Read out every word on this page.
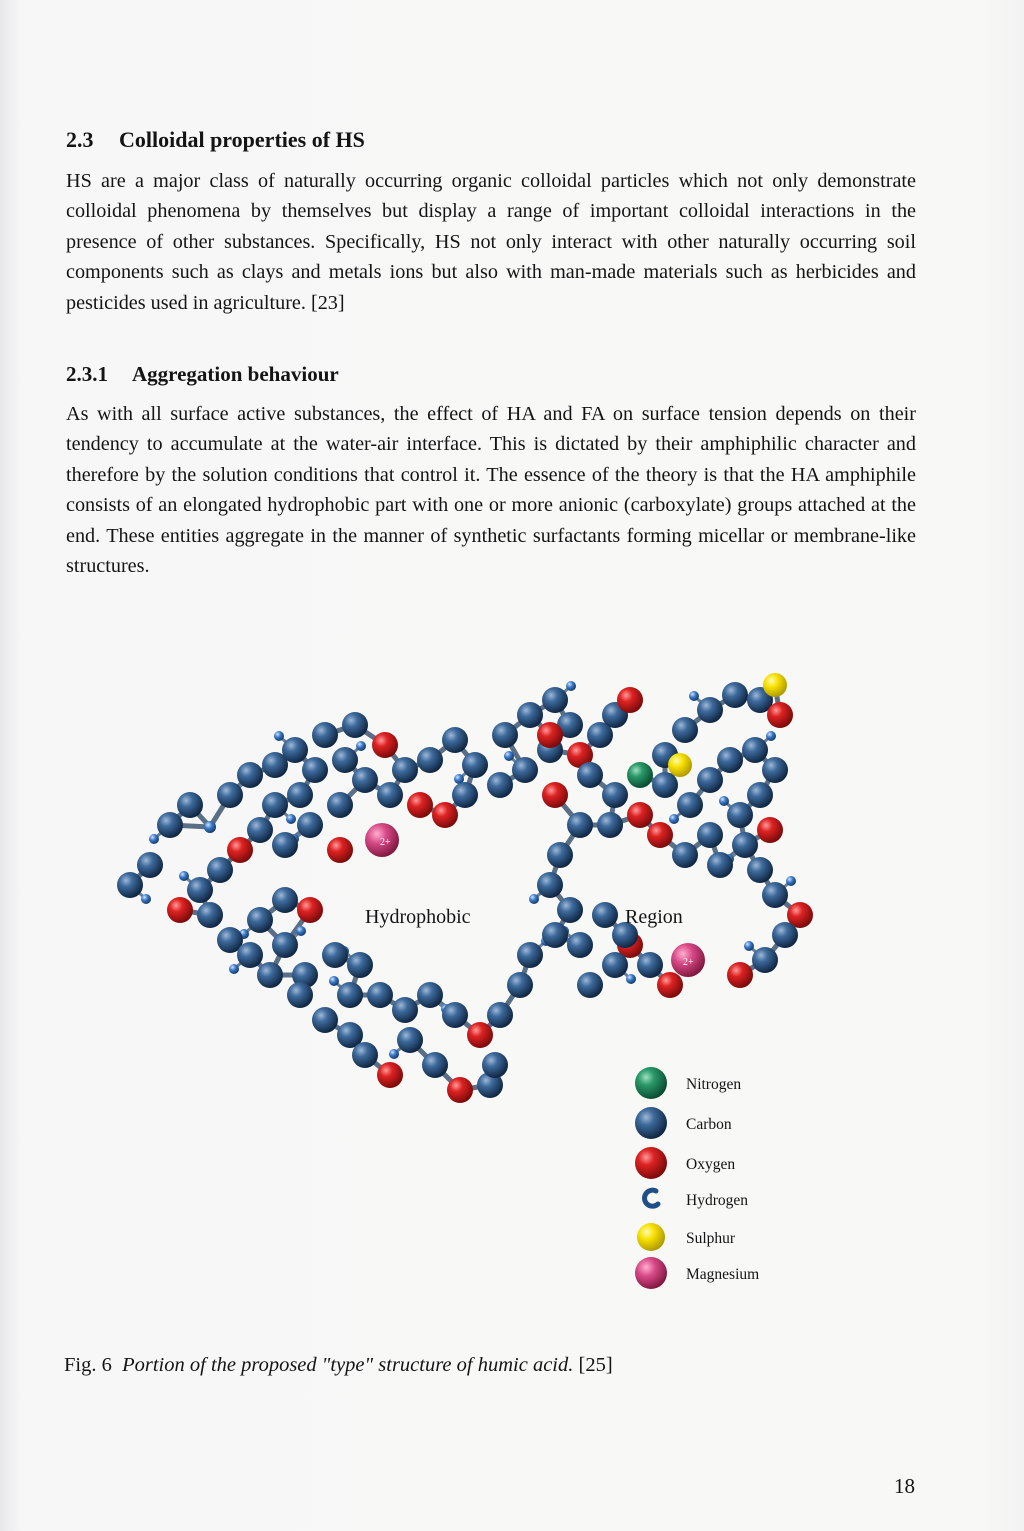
2.3 Colloidal properties of HS

HS are a major class of naturally occurring organic colloidal particles which not only demonstrate colloidal phenomena by themselves but display a range of important colloidal interactions in the presence of other substances. Specifically, HS not only interact with other naturally occurring soil components such as clays and metals ions but also with man-made materials such as herbicides and pesticides used in agriculture. [23]

2.3.1 Aggregation behaviour

As with all surface active substances, the effect of HA and FA on surface tension depends on their tendency to accumulate at the water-air interface. This is dictated by their amphiphilic character and therefore by the solution conditions that control it. The essence of the theory is that the HA amphiphile consists of an elongated hydrophobic part with one or more anionic (carboxylate) groups attached at the end. These entities aggregate in the manner of synthetic surfactants forming micellar or membrane-like structures.

2+
2+

Hydrophobic	Region

Nitrogen
Carbon
Oxygen
Hydrogen
Sulphur
Magnesium

Fig. 6 Portion of the proposed "type" structure of humic acid. [25]

18
